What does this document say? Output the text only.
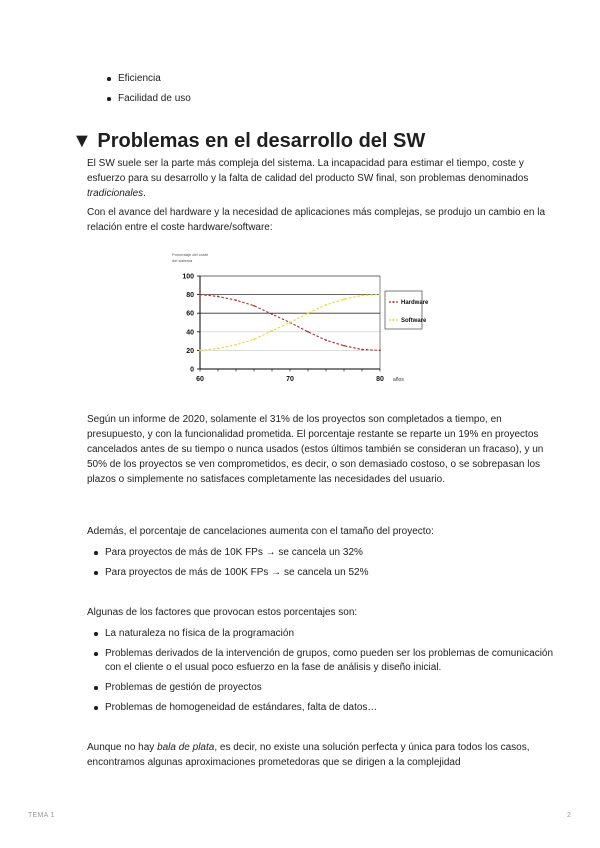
Eficiencia
Facilidad de uso
▼ Problemas en el desarrollo del SW

El SW suele ser la parte más compleja del sistema. La incapacidad para estimar el tiempo, coste y esfuerzo para su desarrollo y la falta de calidad del producto SW final, son problemas denominados tradicionales.

Con el avance del hardware y la necesidad de aplicaciones más complejas, se produjo un cambio en la relación entre el coste hardware/software:

Porcentaje del coste
del sistema
0
20
40
60
80
100
60	70	80 años
Hardware
Software

Según un informe de 2020, solamente el 31% de los proyectos son completados a tiempo, en presupuesto, y con la funcionalidad prometida. El porcentaje restante se reparte un 19% en proyectos cancelados antes de su tiempo o nunca usados (estos últimos también se consideran un fracaso), y un 50% de los proyectos se ven comprometidos, es decir, o son demasiado costoso, o se sobrepasan los plazos o simplemente no satisfaces completamente las necesidades del usuario.

Además, el porcentaje de cancelaciones aumenta con el tamaño del proyecto:

Para proyectos de más de 10K FPs → se cancela un 32%
Para proyectos de más de 100K FPs → se cancela un 52%

Algunas de los factores que provocan estos porcentajes son:

La naturaleza no física de la programación
Problemas derivados de la intervención de grupos, como pueden ser los problemas de comunicación con el cliente o el usual poco esfuerzo en la fase de análisis y diseño inicial.
Problemas de gestión de proyectos
Problemas de homogeneidad de estándares, falta de datos…

Aunque no hay bala de plata, es decir, no existe una solución perfecta y única para todos los casos, encontramos algunas aproximaciones prometedoras que se dirigen a la complejidad

TEMA 1	2
